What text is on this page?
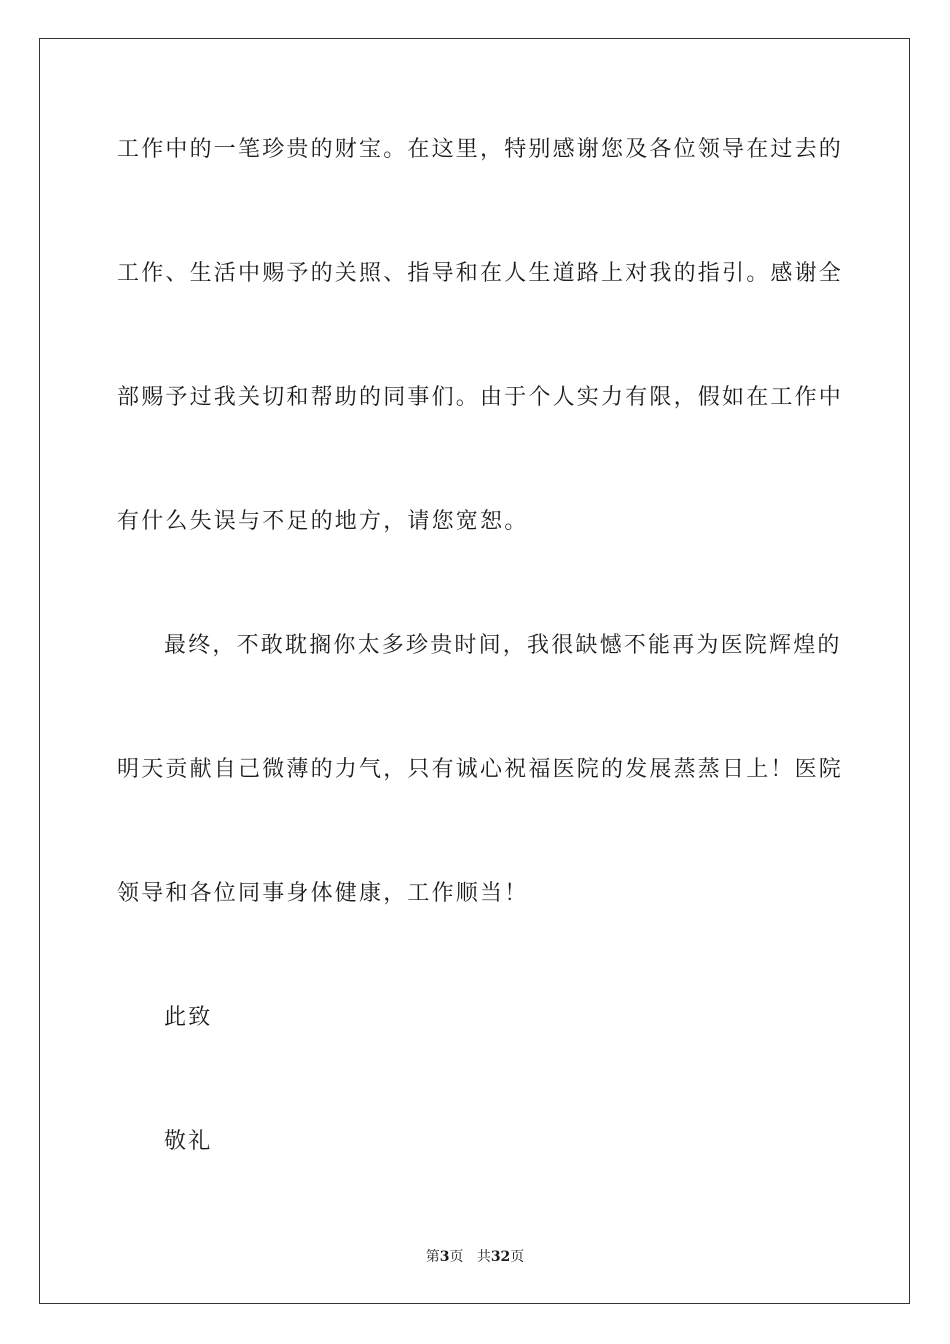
工作中的一笔珍贵的财宝。在这里，特别感谢您及各位领导在过去的
工作、生活中赐予的关照、指导和在人生道路上对我的指引。感谢全
部赐予过我关切和帮助的同事们。由于个人实力有限，假如在工作中
有什么失误与不足的地方，请您宽恕。
最终，不敢耽搁你太多珍贵时间，我很缺憾不能再为医院辉煌的
明天贡献自己微薄的力气，只有诚心祝福医院的发展蒸蒸日上！医院
领导和各位同事身体健康，工作顺当！
此致
敬礼
第3页 共32页
